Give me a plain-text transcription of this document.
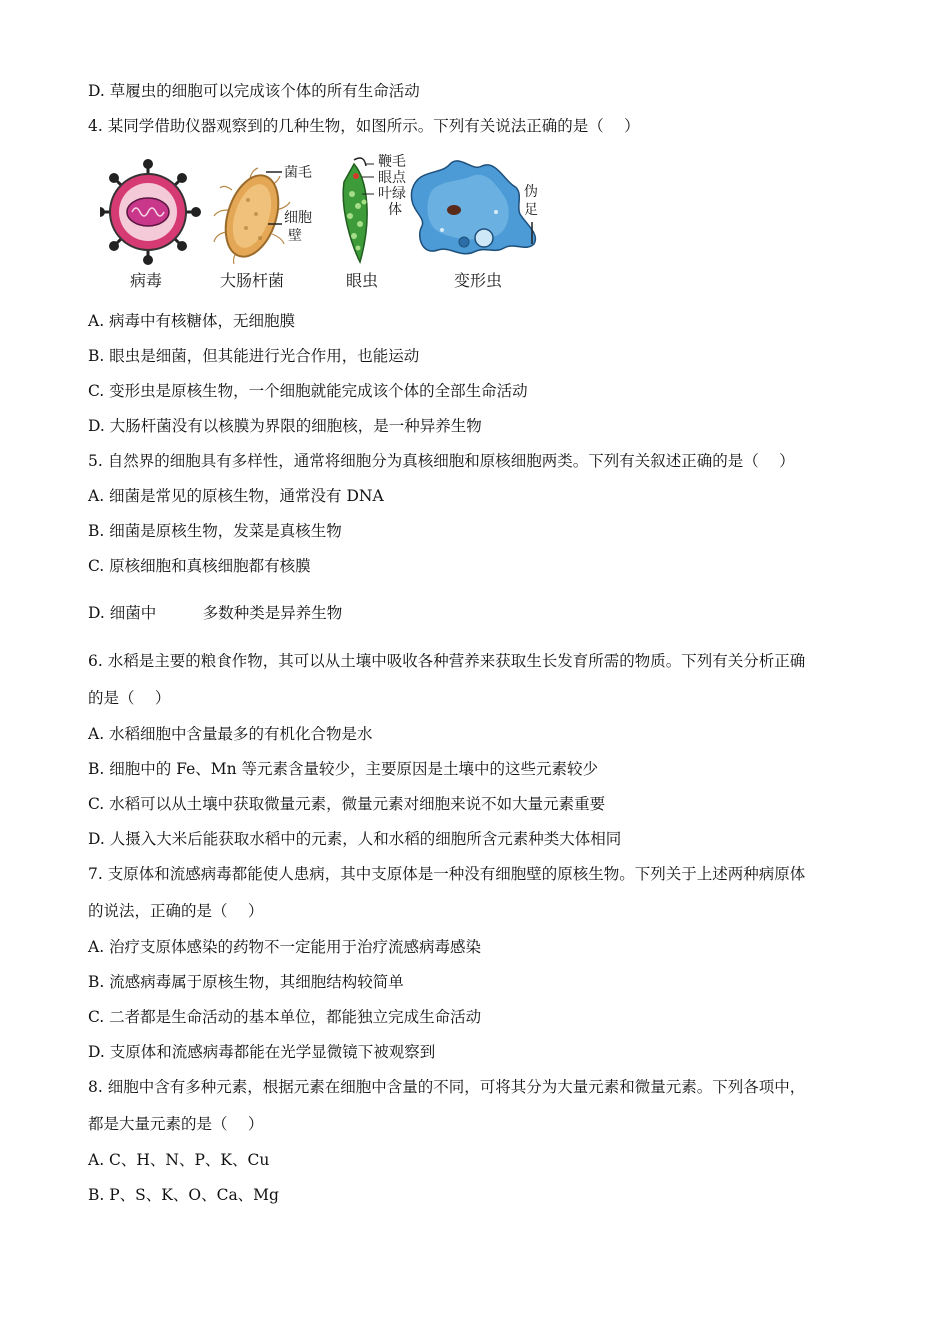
D. 草履虫的细胞可以完成该个体的所有生命活动
4. 某同学借助仪器观察到的几种生物，如图所示。下列有关说法正确的是（　 ）
病毒
菌毛
细胞
壁
大肠杆菌
鞭毛
眼点
叶绿
体
眼虫
伪
足
变形虫
A. 病毒中有核糖体，无细胞膜
B. 眼虫是细菌，但其能进行光合作用，也能运动
C. 变形虫是原核生物，一个细胞就能完成该个体的全部生命活动
D. 大肠杆菌没有以核膜为界限的细胞核，是一种异养生物
5. 自然界的细胞具有多样性，通常将细胞分为真核细胞和原核细胞两类。下列有关叙述正确的是（　 ）
A. 细菌是常见的原核生物，通常没有 DNA
B. 细菌是原核生物，发菜是真核生物
C. 原核细胞和真核细胞都有核膜
D. 细菌中　　　多数种类是异养生物
6. 水稻是主要的粮食作物，其可以从土壤中吸收各种营养来获取生长发育所需的物质。下列有关分析正确
的是（　 ）
A. 水稻细胞中含量最多的有机化合物是水
B. 细胞中的 Fe、Mn 等元素含量较少，主要原因是土壤中的这些元素较少
C. 水稻可以从土壤中获取微量元素，微量元素对细胞来说不如大量元素重要
D. 人摄入大米后能获取水稻中的元素，人和水稻的细胞所含元素种类大体相同
7. 支原体和流感病毒都能使人患病，其中支原体是一种没有细胞壁的原核生物。下列关于上述两种病原体
的说法，正确的是（　 ）
A. 治疗支原体感染的药物不一定能用于治疗流感病毒感染
B. 流感病毒属于原核生物，其细胞结构较简单
C. 二者都是生命活动的基本单位，都能独立完成生命活动
D. 支原体和流感病毒都能在光学显微镜下被观察到
8. 细胞中含有多种元素，根据元素在细胞中含量的不同，可将其分为大量元素和微量元素。下列各项中，
都是大量元素的是（　 ）
A. C、H、N、P、K、Cu
B. P、S、K、O、Ca、Mg
